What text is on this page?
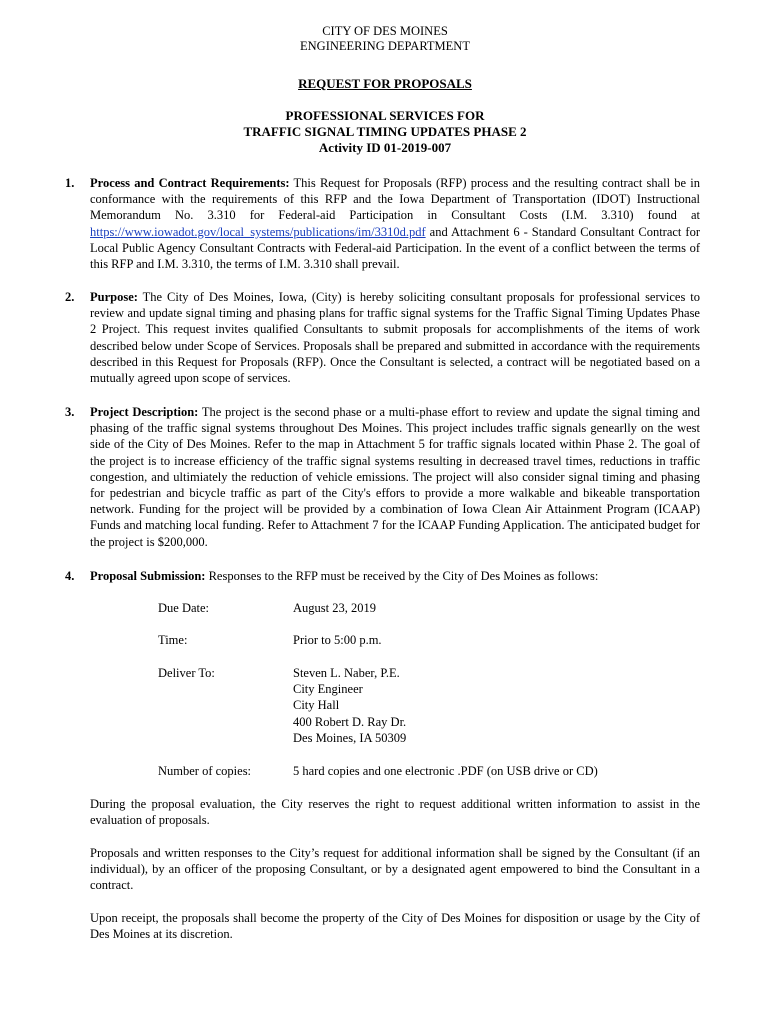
CITY OF DES MOINES
ENGINEERING DEPARTMENT
REQUEST FOR PROPOSALS
PROFESSIONAL SERVICES FOR
TRAFFIC SIGNAL TIMING UPDATES PHASE 2
Activity ID 01-2019-007
1. Process and Contract Requirements: This Request for Proposals (RFP) process and the resulting contract shall be in conformance with the requirements of this RFP and the Iowa Department of Transportation (IDOT) Instructional Memorandum No. 3.310 for Federal-aid Participation in Consultant Costs (I.M. 3.310) found at https://www.iowadot.gov/local_systems/publications/im/3310d.pdf and Attachment 6 - Standard Consultant Contract for Local Public Agency Consultant Contracts with Federal-aid Participation. In the event of a conflict between the terms of this RFP and I.M. 3.310, the terms of I.M. 3.310 shall prevail.
2. Purpose: The City of Des Moines, Iowa, (City) is hereby soliciting consultant proposals for professional services to review and update signal timing and phasing plans for traffic signal systems for the Traffic Signal Timing Updates Phase 2 Project. This request invites qualified Consultants to submit proposals for accomplishments of the items of work described below under Scope of Services. Proposals shall be prepared and submitted in accordance with the requirements described in this Request for Proposals (RFP). Once the Consultant is selected, a contract will be negotiated based on a mutually agreed upon scope of services.
3. Project Description: The project is the second phase or a multi-phase effort to review and update the signal timing and phasing of the traffic signal systems throughout Des Moines. This project includes traffic signals genearlly on the west side of the City of Des Moines. Refer to the map in Attachment 5 for traffic signals located within Phase 2. The goal of the project is to increase efficiency of the traffic signal systems resulting in decreased travel times, reductions in traffic congestion, and ultimiately the reduction of vehicle emissions. The project will also consider signal timing and phasing for pedestrian and bicycle traffic as part of the City's effors to provide a more walkable and bikeable transportation network. Funding for the project will be provided by a combination of Iowa Clean Air Attainment Program (ICAAP) Funds and matching local funding. Refer to Attachment 7 for the ICAAP Funding Application. The anticipated budget for the project is $200,000.
4. Proposal Submission: Responses to the RFP must be received by the City of Des Moines as follows:
Due Date:	August 23, 2019
Time:	Prior to 5:00 p.m.
Deliver To:	Steven L. Naber, P.E.
City Engineer
City Hall
400 Robert D. Ray Dr.
Des Moines, IA 50309
Number of copies:	5 hard copies and one electronic .PDF (on USB drive or CD)
During the proposal evaluation, the City reserves the right to request additional written information to assist in the evaluation of proposals.
Proposals and written responses to the City’s request for additional information shall be signed by the Consultant (if an individual), by an officer of the proposing Consultant, or by a designated agent empowered to bind the Consultant in a contract.
Upon receipt, the proposals shall become the property of the City of Des Moines for disposition or usage by the City of Des Moines at its discretion.
